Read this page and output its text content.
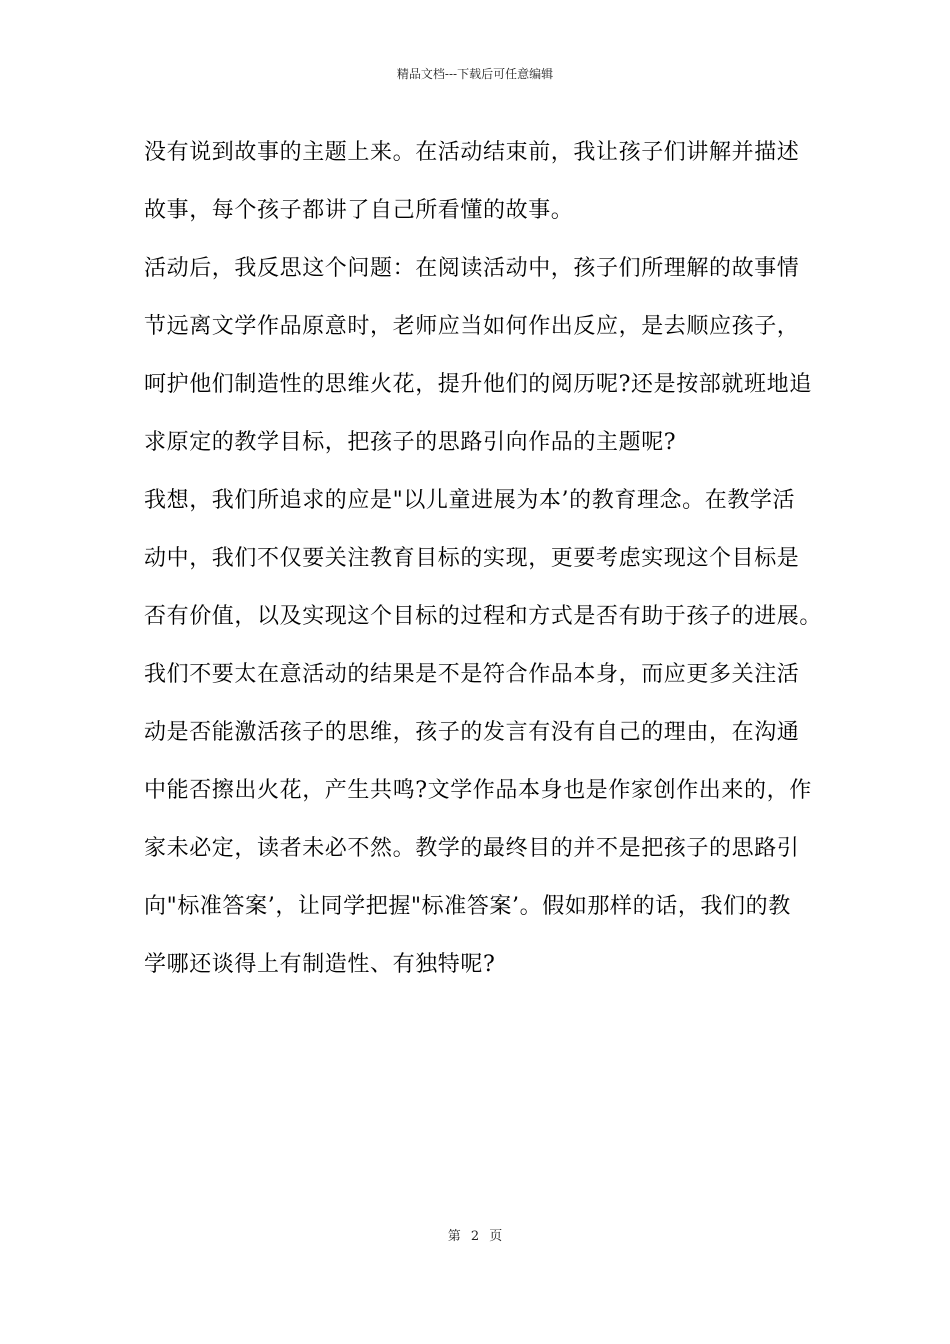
精品文档---下载后可任意编辑
没有说到故事的主题上来。在活动结束前，我让孩子们讲解并描述
故事，每个孩子都讲了自己所看懂的故事。
活动后，我反思这个问题：在阅读活动中，孩子们所理解的故事情
节远离文学作品原意时，老师应当如何作出反应，是去顺应孩子，
呵护他们制造性的思维火花，提升他们的阅历呢?还是按部就班地追
求原定的教学目标，把孩子的思路引向作品的主题呢?
我想，我们所追求的应是"以儿童进展为本’的教育理念。在教学活
动中，我们不仅要关注教育目标的实现，更要考虑实现这个目标是
否有价值，以及实现这个目标的过程和方式是否有助于孩子的进展。
我们不要太在意活动的结果是不是符合作品本身，而应更多关注活
动是否能激活孩子的思维，孩子的发言有没有自己的理由，在沟通
中能否擦出火花，产生共鸣?文学作品本身也是作家创作出来的，作
家未必定，读者未必不然。教学的最终目的并不是把孩子的思路引
向"标准答案’，让同学把握"标准答案’。假如那样的话，我们的教
学哪还谈得上有制造性、有独特呢?
第 2 页
